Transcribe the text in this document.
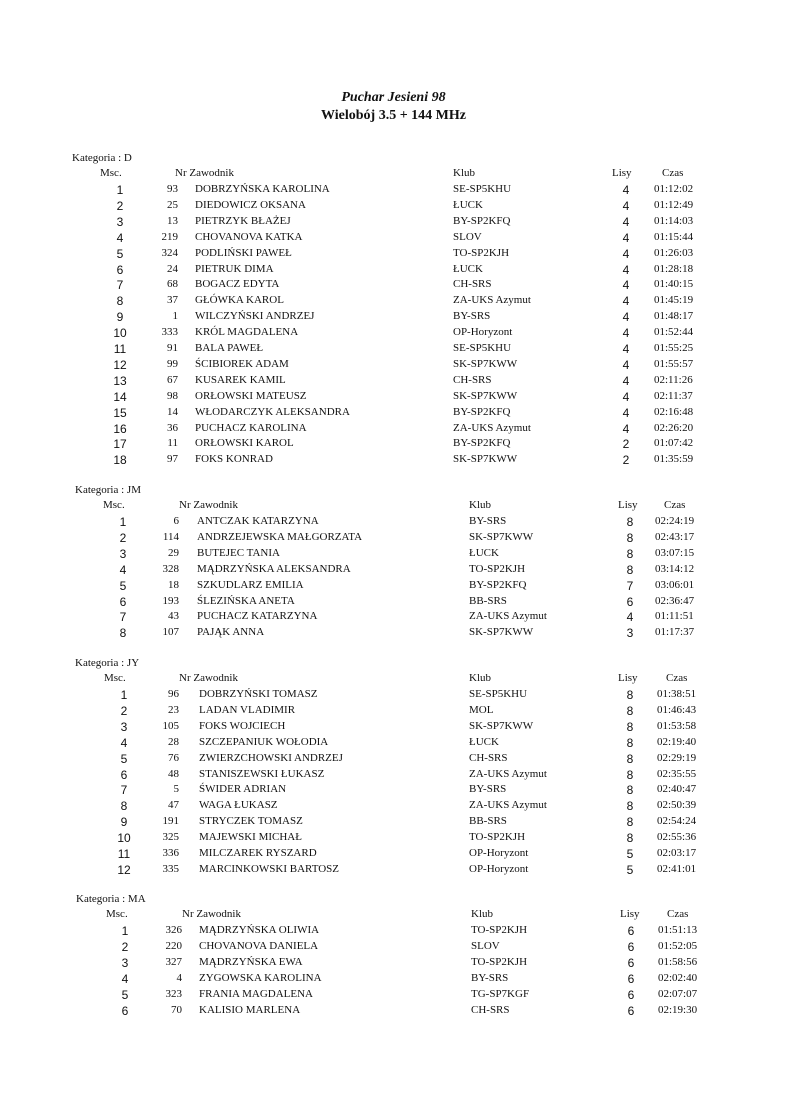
Puchar Jesieni 98
Wielobój 3.5 + 144 MHz
Kategoria : D
Msc.	Nr Zawodnik	Klub	Lisy	Czas
1	93 DOBRZYŃSKA KAROLINA	SE-SP5KHU	4	01:12:02
2	25 DIEDOWICZ OKSANA	ŁUCK	4	01:12:49
3	13 PIETRZYK BŁAŻEJ	BY-SP2KFQ	4	01:14:03
4	219 CHOVANOVA KATKA	SLOV	4	01:15:44
5	324 PODLIŃSKI PAWEŁ	TO-SP2KJH	4	01:26:03
6	24 PIETRUK DIMA	ŁUCK	4	01:28:18
7	68 BOGACZ EDYTA	CH-SRS	4	01:40:15
8	37 GŁÓWKA KAROL	ZA-UKS Azymut	4	01:45:19
9	1 WILCZYŃSKI ANDRZEJ	BY-SRS	4	01:48:17
10	333 KRÓL MAGDALENA	OP-Horyzont	4	01:52:44
11	91 BALA PAWEŁ	SE-SP5KHU	4	01:55:25
12	99 ŚCIBIOREK ADAM	SK-SP7KWW	4	01:55:57
13	67 KUSAREK KAMIL	CH-SRS	4	02:11:26
14	98 ORŁOWSKI MATEUSZ	SK-SP7KWW	4	02:11:37
15	14 WŁODARCZYK ALEKSANDRA	BY-SP2KFQ	4	02:16:48
16	36 PUCHACZ KAROLINA	ZA-UKS Azymut	4	02:26:20
17	11 ORŁOWSKI KAROL	BY-SP2KFQ	2	01:07:42
18	97 FOKS KONRAD	SK-SP7KWW	2	01:35:59
Kategoria : JM
Msc.	Nr Zawodnik	Klub	Lisy Czas
1	6 ANTCZAK KATARZYNA	BY-SRS	8	02:24:19
2	114 ANDRZEJEWSKA MAŁGORZATA	SK-SP7KWW	8	02:43:17
3	29 BUTEJEC TANIA	ŁUCK	8	03:07:15
4	328 MĄDRZYŃSKA ALEKSANDRA	TO-SP2KJH	8	03:14:12
5	18 SZKUDLARZ EMILIA	BY-SP2KFQ	7	03:06:01
6	193 ŚLEZIŃSKA ANETA	BB-SRS	6	02:36:47
7	43 PUCHACZ KATARZYNA	ZA-UKS Azymut	4	01:11:51
8	107 PAJĄK ANNA	SK-SP7KWW	3	01:17:37
Kategoria : JY
Msc.	Nr Zawodnik	Klub	Lisy	Czas
1	96 DOBRZYŃSKI TOMASZ	SE-SP5KHU	8	01:38:51
2	23 LADAN VLADIMIR	MOL	8	01:46:43
3	105 FOKS WOJCIECH	SK-SP7KWW	8	01:53:58
4	28 SZCZEPANIUK WOŁODIA	ŁUCK	8	02:19:40
5	76 ZWIERZCHOWSKI ANDRZEJ	CH-SRS	8	02:29:19
6	48 STANISZEWSKI ŁUKASZ	ZA-UKS Azymut	8	02:35:55
7	5 ŚWIDER ADRIAN	BY-SRS	8	02:40:47
8	47 WAGA ŁUKASZ	ZA-UKS Azymut	8	02:50:39
9	191 STRYCZEK TOMASZ	BB-SRS	8	02:54:24
10	325 MAJEWSKI MICHAŁ	TO-SP2KJH	8	02:55:36
11	336 MILCZAREK RYSZARD	OP-Horyzont	5	02:03:17
12	335 MARCINKOWSKI BARTOSZ	OP-Horyzont	5	02:41:01
Kategoria : MA
Msc.	Nr Zawodnik	Klub	Lisy Czas
1	326 MĄDRZYŃSKA OLIWIA	TO-SP2KJH	6	01:51:13
2	220 CHOVANOVA DANIELA	SLOV	6	01:52:05
3	327 MĄDRZYŃSKA EWA	TO-SP2KJH	6	01:58:56
4	4 ZYGOWSKA KAROLINA	BY-SRS	6	02:02:40
5	323 FRANIA MAGDALENA	TG-SP7KGF	6	02:07:07
6	70 KALISIO MARLENA	CH-SRS	6	02:19:30
